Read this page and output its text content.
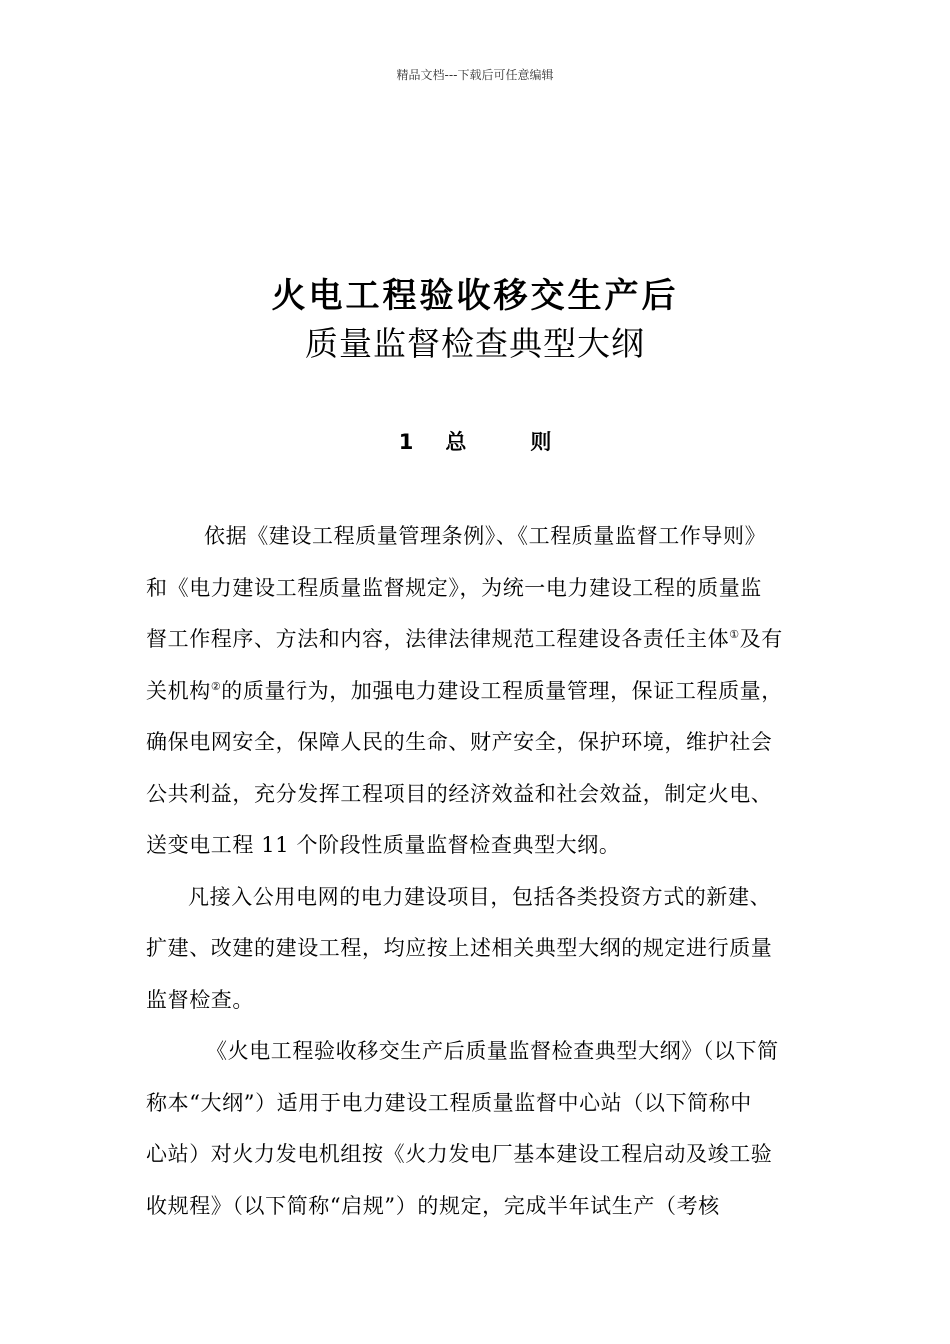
精品文档---下载后可任意编辑
火电工程验收移交生产后
质量监督检查典型大纲
1 总	则
依据《建设工程质量管理条例》、《工程质量监督工作导则》
和《电力建设工程质量监督规定》，为统一电力建设工程的质量监
督工作程序、方法和内容，法律法律规范工程建设各责任主体①及有
关机构②的质量行为，加强电力建设工程质量管理，保证工程质量，
确保电网安全，保障人民的生命、财产安全，保护环境，维护社会
公共利益，充分发挥工程项目的经济效益和社会效益，制定火电、
送变电工程 11 个阶段性质量监督检查典型大纲。
凡接入公用电网的电力建设项目，包括各类投资方式的新建、
扩建、改建的建设工程，均应按上述相关典型大纲的规定进行质量
监督检查。
《火电工程验收移交生产后质量监督检查典型大纲》（以下简
称本“大纲”）适用于电力建设工程质量监督中心站（以下简称中
心站）对火力发电机组按《火力发电厂基本建设工程启动及竣工验
收规程》（以下简称“启规”）的规定，完成半年试生产（考核
